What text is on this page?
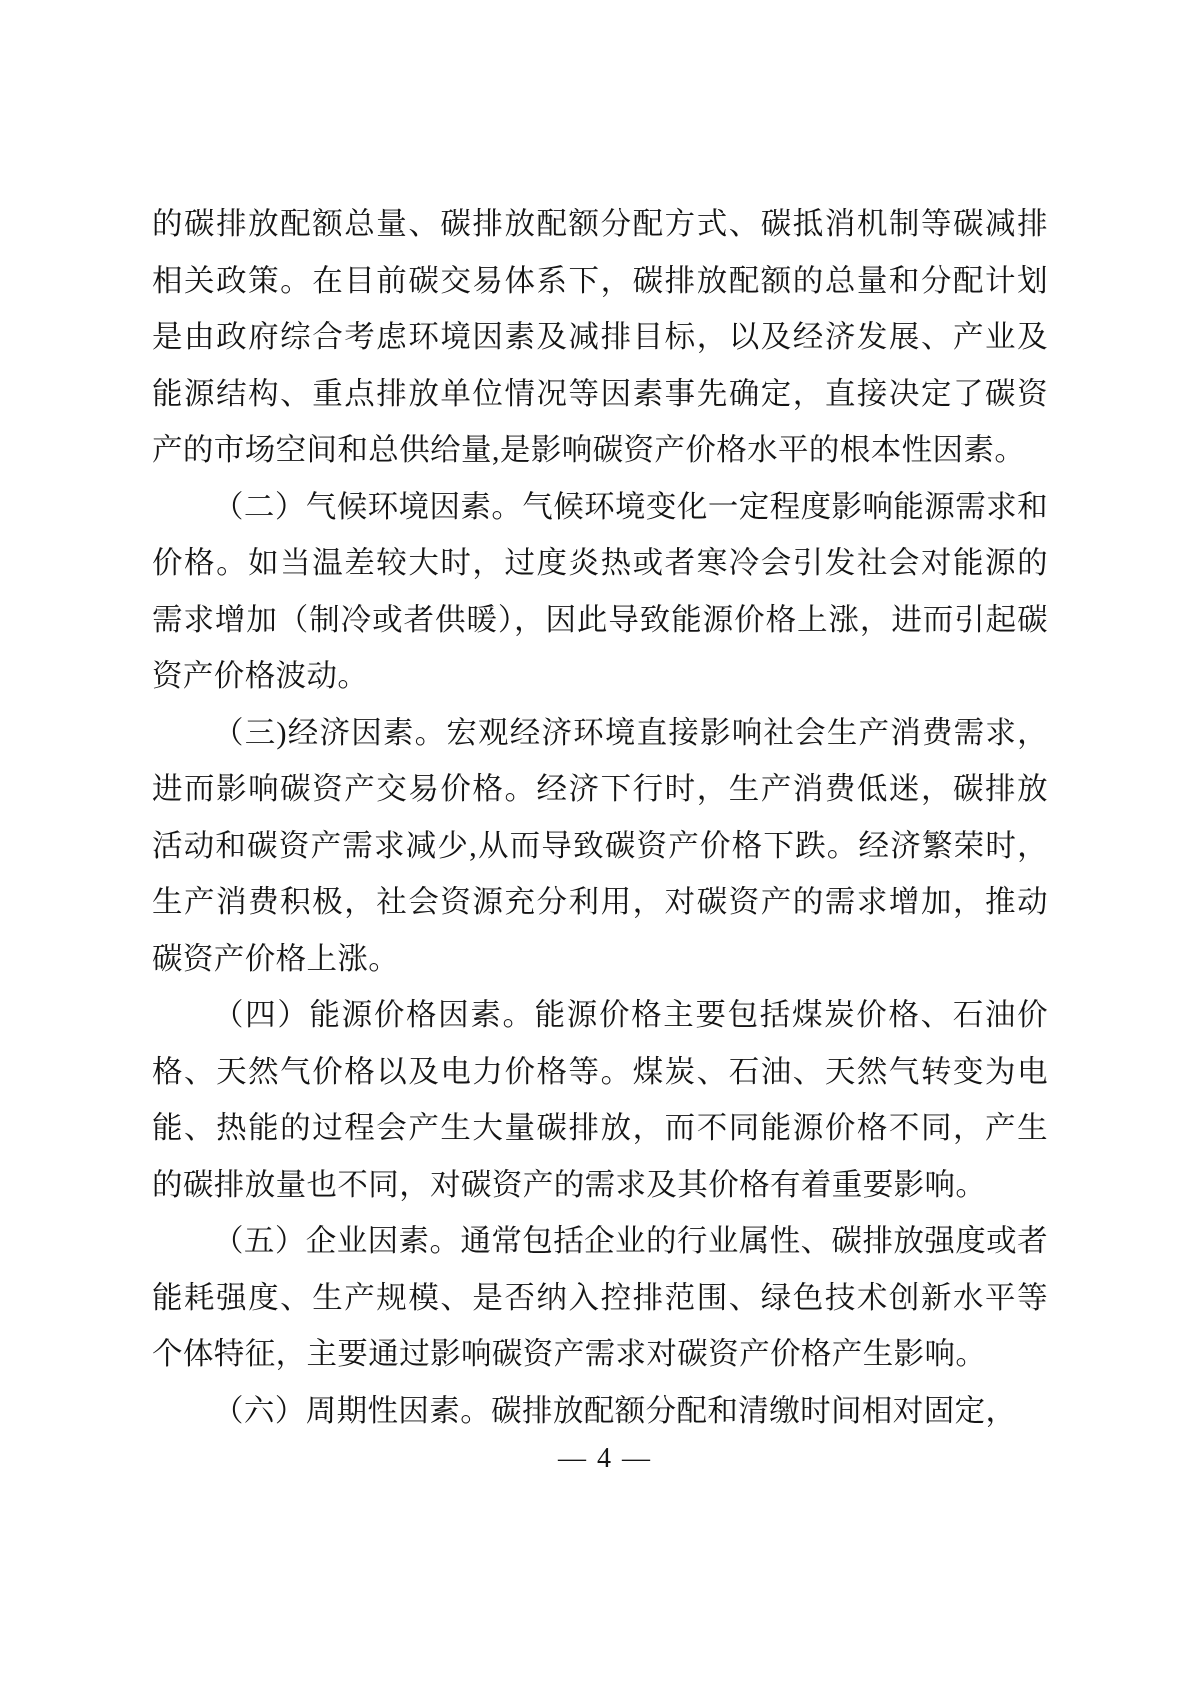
的碳排放配额总量、碳排放配额分配方式、碳抵消机制等碳减排相关政策。在目前碳交易体系下，碳排放配额的总量和分配计划是由政府综合考虑环境因素及减排目标，以及经济发展、产业及能源结构、重点排放单位情况等因素事先确定，直接决定了碳资产的市场空间和总供给量,是影响碳资产价格水平的根本性因素。

（二）气候环境因素。气候环境变化一定程度影响能源需求和价格。如当温差较大时，过度炎热或者寒冷会引发社会对能源的需求增加（制冷或者供暖），因此导致能源价格上涨，进而引起碳资产价格波动。

（三)经济因素。宏观经济环境直接影响社会生产消费需求，进而影响碳资产交易价格。经济下行时，生产消费低迷，碳排放活动和碳资产需求减少,从而导致碳资产价格下跌。经济繁荣时，生产消费积极，社会资源充分利用，对碳资产的需求增加，推动碳资产价格上涨。

（四）能源价格因素。能源价格主要包括煤炭价格、石油价格、天然气价格以及电力价格等。煤炭、石油、天然气转变为电能、热能的过程会产生大量碳排放，而不同能源价格不同，产生的碳排放量也不同，对碳资产的需求及其价格有着重要影响。

（五）企业因素。通常包括企业的行业属性、碳排放强度或者能耗强度、生产规模、是否纳入控排范围、绿色技术创新水平等个体特征，主要通过影响碳资产需求对碳资产价格产生影响。

（六）周期性因素。碳排放配额分配和清缴时间相对固定，

— 4 —
